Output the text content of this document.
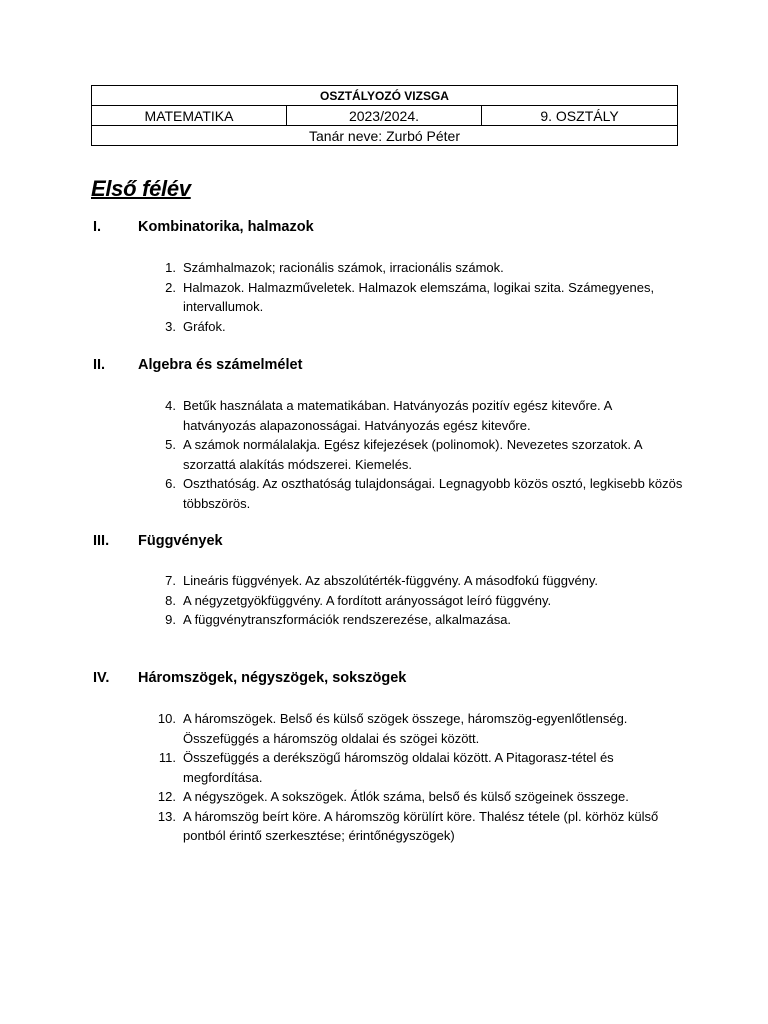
OSZTÁLYOZÓ VIZSGA
MATEMATIKA	2023/2024.	9. OSZTÁLY
Tanár neve: Zurbó Péter
Első félév
I.	Kombinatorika, halmazok
1. Számhalmazok; racionális számok, irracionális számok.
2. Halmazok. Halmazműveletek. Halmazok elemszáma, logikai szita. Számegyenes, intervallumok.
3. Gráfok.
II.	Algebra és számelmélet
4. Betűk használata a matematikában. Hatványozás pozitív egész kitevőre. A hatványozás alapazonosságai. Hatványozás egész kitevőre.
5. A számok normálalakja. Egész kifejezések (polinomok). Nevezetes szorzatok. A szorzattá alakítás módszerei. Kiemelés.
6. Oszthatóság. Az oszthatóság tulajdonságai. Legnagyobb közös osztó, legkisebb közös többszörös.
III.	Függvények
7. Lineáris függvények. Az abszolútérték-függvény. A másodfokú függvény.
8. A négyzetgyökfüggvény. A fordított arányosságot leíró függvény.
9. A függvénytranszformációk rendszerezése, alkalmazása.
IV.	Háromszögek, négyszögek, sokszögek
10. A háromszögek. Belső és külső szögek összege, háromszög-egyenlőtlenség. Összefüggés a háromszög oldalai és szögei között.
11. Összefüggés a derékszögű háromszög oldalai között. A Pitagorasz-tétel és megfordítása.
12. A négyszögek. A sokszögek. Átlók száma, belső és külső szögeinek összege.
13. A háromszög beírt köre. A háromszög körülírt köre. Thalész tétele (pl. körhöz külső pontból érintő szerkesztése; érintőnégyszögek)
